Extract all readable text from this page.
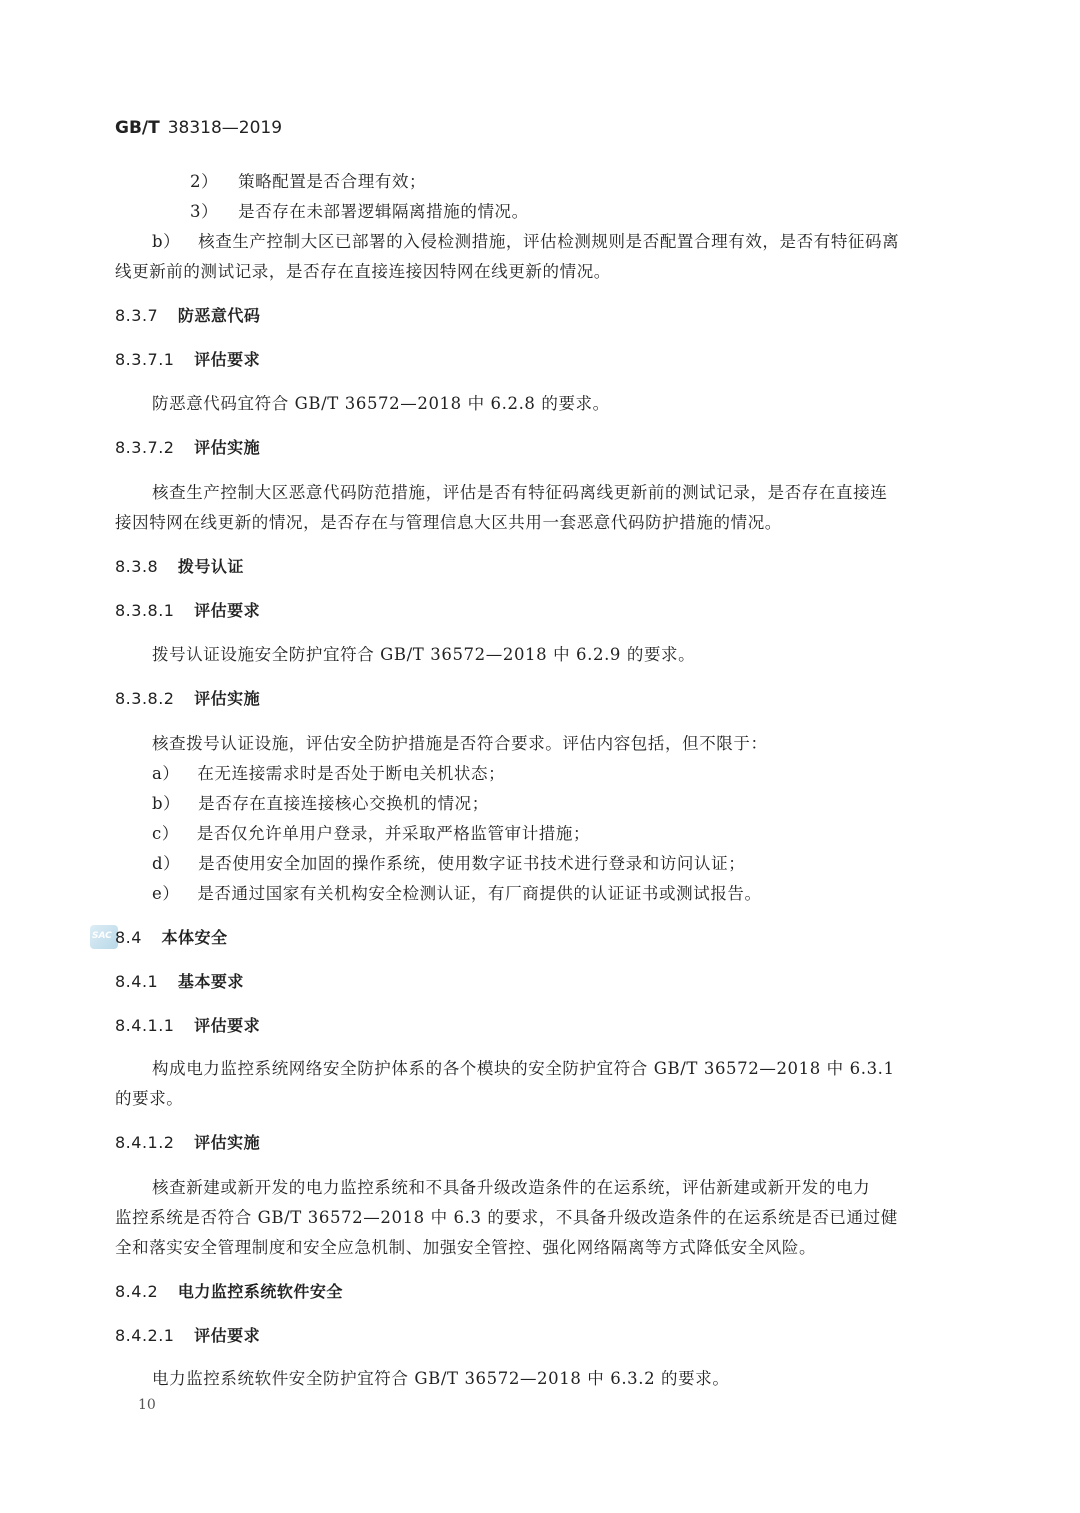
GB/T 38318—2019
2） 策略配置是否合理有效；
3） 是否存在未部署逻辑隔离措施的情况。
b） 核查生产控制大区已部署的入侵检测措施，评估检测规则是否配置合理有效，是否有特征码离
线更新前的测试记录，是否存在直接连接因特网在线更新的情况。
8.3.7 防恶意代码
8.3.7.1 评估要求
防恶意代码宜符合 GB/T 36572—2018 中 6.2.8 的要求。
8.3.7.2 评估实施
核查生产控制大区恶意代码防范措施，评估是否有特征码离线更新前的测试记录，是否存在直接连
接因特网在线更新的情况，是否存在与管理信息大区共用一套恶意代码防护措施的情况。
8.3.8 拨号认证
8.3.8.1 评估要求
拨号认证设施安全防护宜符合 GB/T 36572—2018 中 6.2.9 的要求。
8.3.8.2 评估实施
核查拨号认证设施，评估安全防护措施是否符合要求。评估内容包括，但不限于：
a） 在无连接需求时是否处于断电关机状态；
b） 是否存在直接连接核心交换机的情况；
c） 是否仅允许单用户登录，并采取严格监管审计措施；
d） 是否使用安全加固的操作系统，使用数字证书技术进行登录和访问认证；
e） 是否通过国家有关机构安全检测认证，有厂商提供的认证证书或测试报告。
SAC 8.4 本体安全
8.4.1 基本要求
8.4.1.1 评估要求
构成电力监控系统网络安全防护体系的各个模块的安全防护宜符合 GB/T 36572—2018 中 6.3.1
的要求。
8.4.1.2 评估实施
核查新建或新开发的电力监控系统和不具备升级改造条件的在运系统，评估新建或新开发的电力
监控系统是否符合 GB/T 36572—2018 中 6.3 的要求，不具备升级改造条件的在运系统是否已通过健
全和落实安全管理制度和安全应急机制、加强安全管控、强化网络隔离等方式降低安全风险。
8.4.2 电力监控系统软件安全
8.4.2.1 评估要求
电力监控系统软件安全防护宜符合 GB/T 36572—2018 中 6.3.2 的要求。
10
